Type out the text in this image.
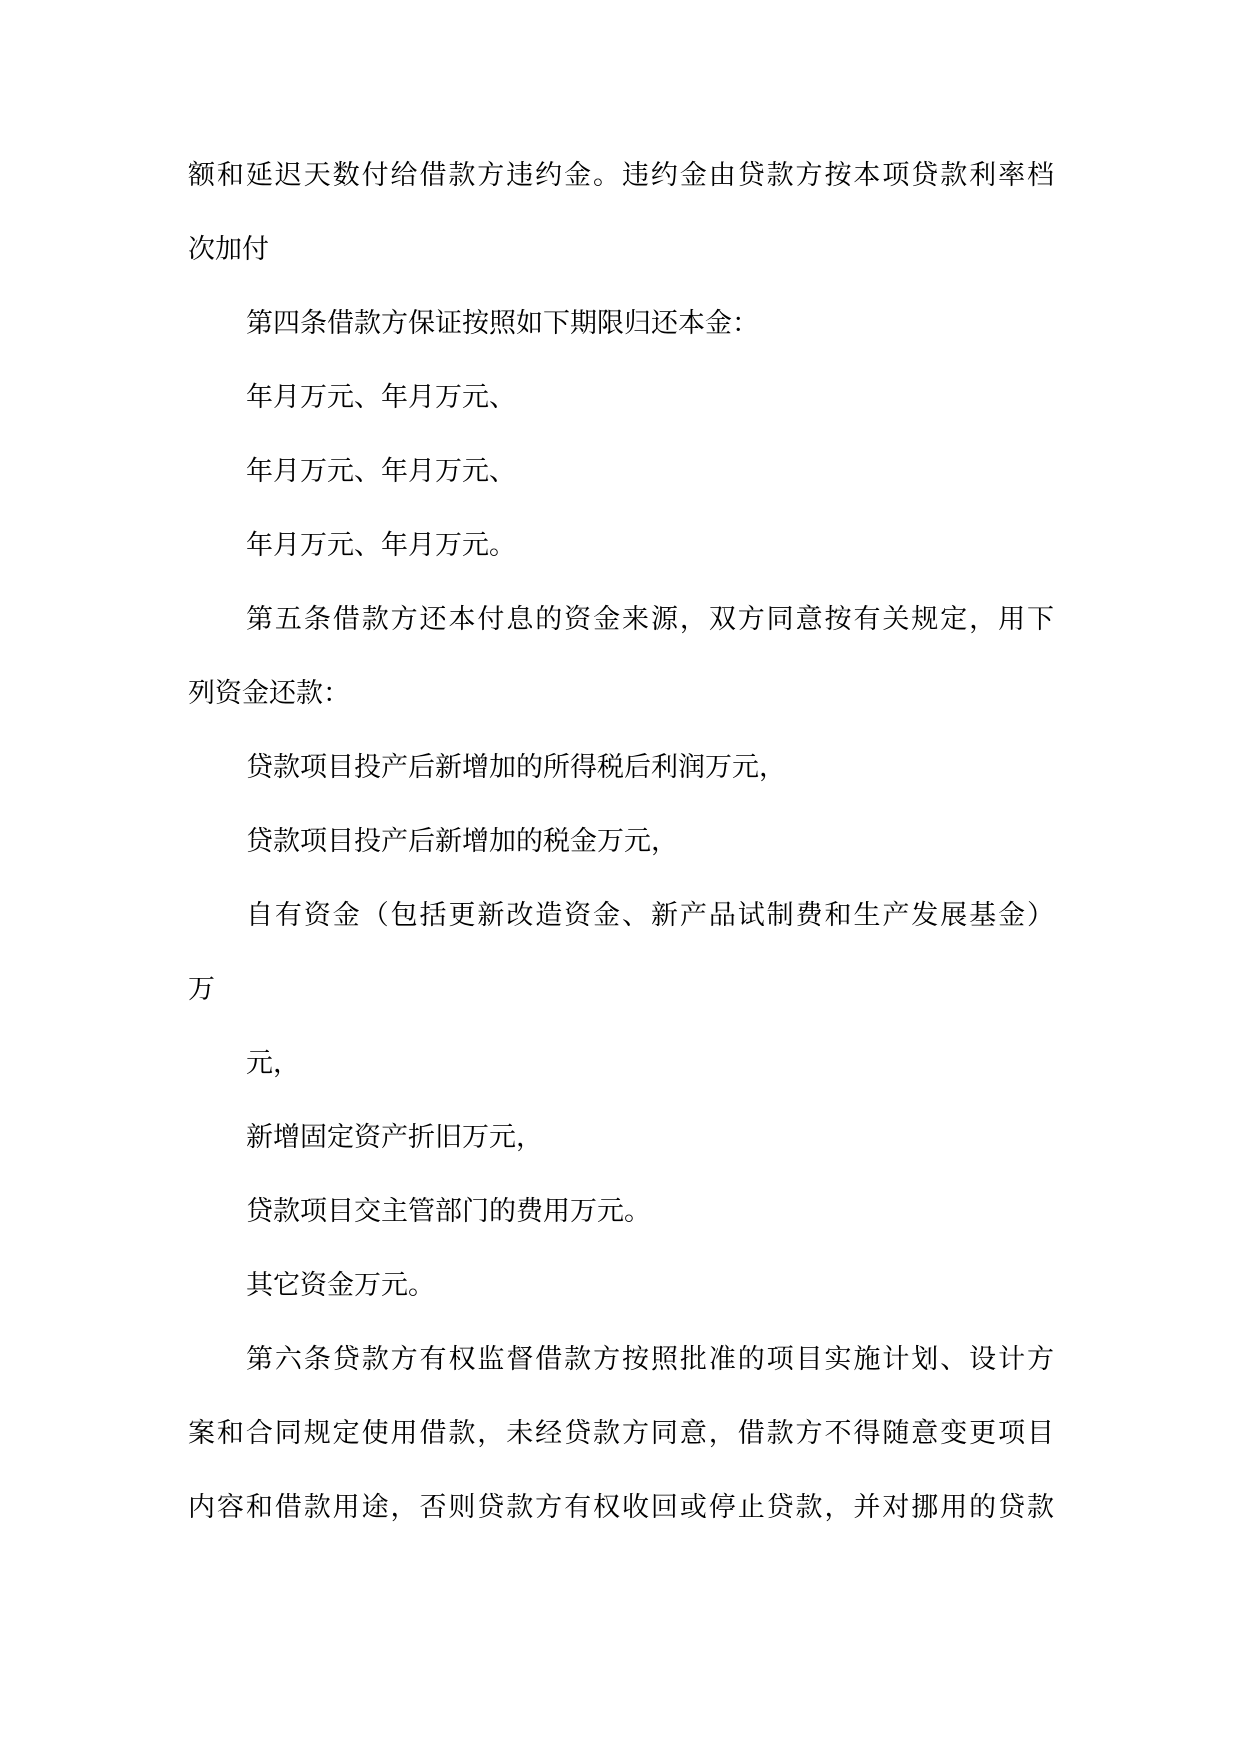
额和延迟天数付给借款方违约金。违约金由贷款方按本项贷款利率档

次加付

第四条借款方保证按照如下期限归还本金：

年月万元、年月万元、

年月万元、年月万元、

年月万元、年月万元。

第五条借款方还本付息的资金来源，双方同意按有关规定，用下

列资金还款：

贷款项目投产后新增加的所得税后利润万元，

贷款项目投产后新增加的税金万元，

自有资金（包括更新改造资金、新产品试制费和生产发展基金）

万

元，

新增固定资产折旧万元，

贷款项目交主管部门的费用万元。

其它资金万元。

第六条贷款方有权监督借款方按照批准的项目实施计划、设计方

案和合同规定使用借款，未经贷款方同意，借款方不得随意变更项目

内容和借款用途，否则贷款方有权收回或停止贷款，并对挪用的贷款
